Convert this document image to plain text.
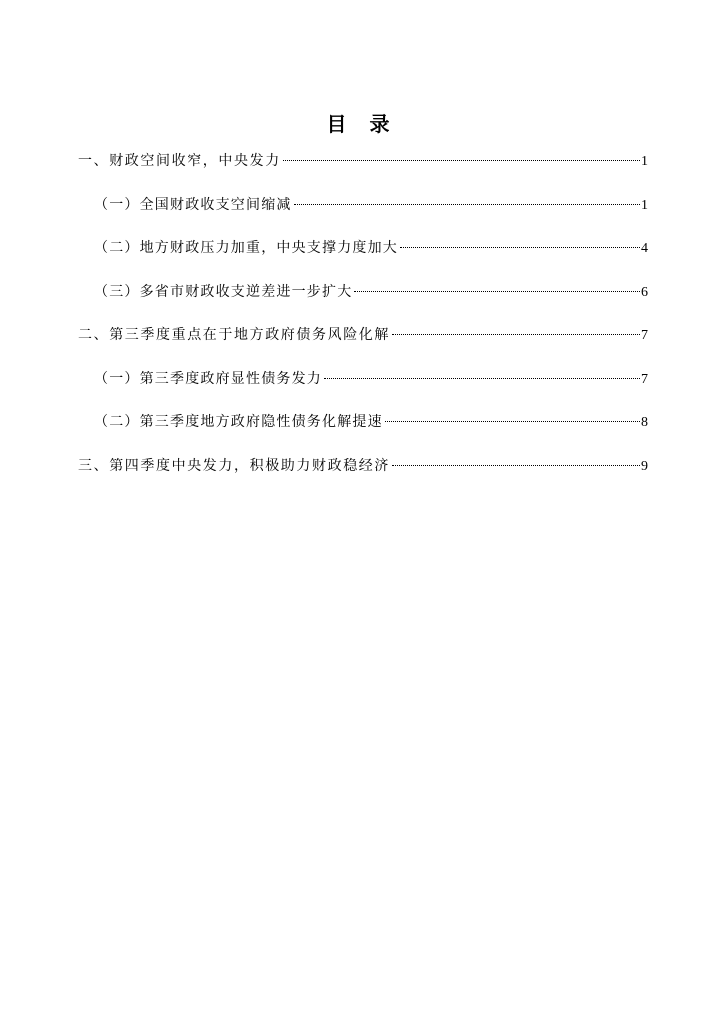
目 录
一、财政空间收窄，中央发力	1
（一）全国财政收支空间缩减	1
（二）地方财政压力加重，中央支撑力度加大	4
（三）多省市财政收支逆差进一步扩大	6
二、第三季度重点在于地方政府债务风险化解	7
（一）第三季度政府显性债务发力	7
（二）第三季度地方政府隐性债务化解提速	8
三、第四季度中央发力，积极助力财政稳经济	9
